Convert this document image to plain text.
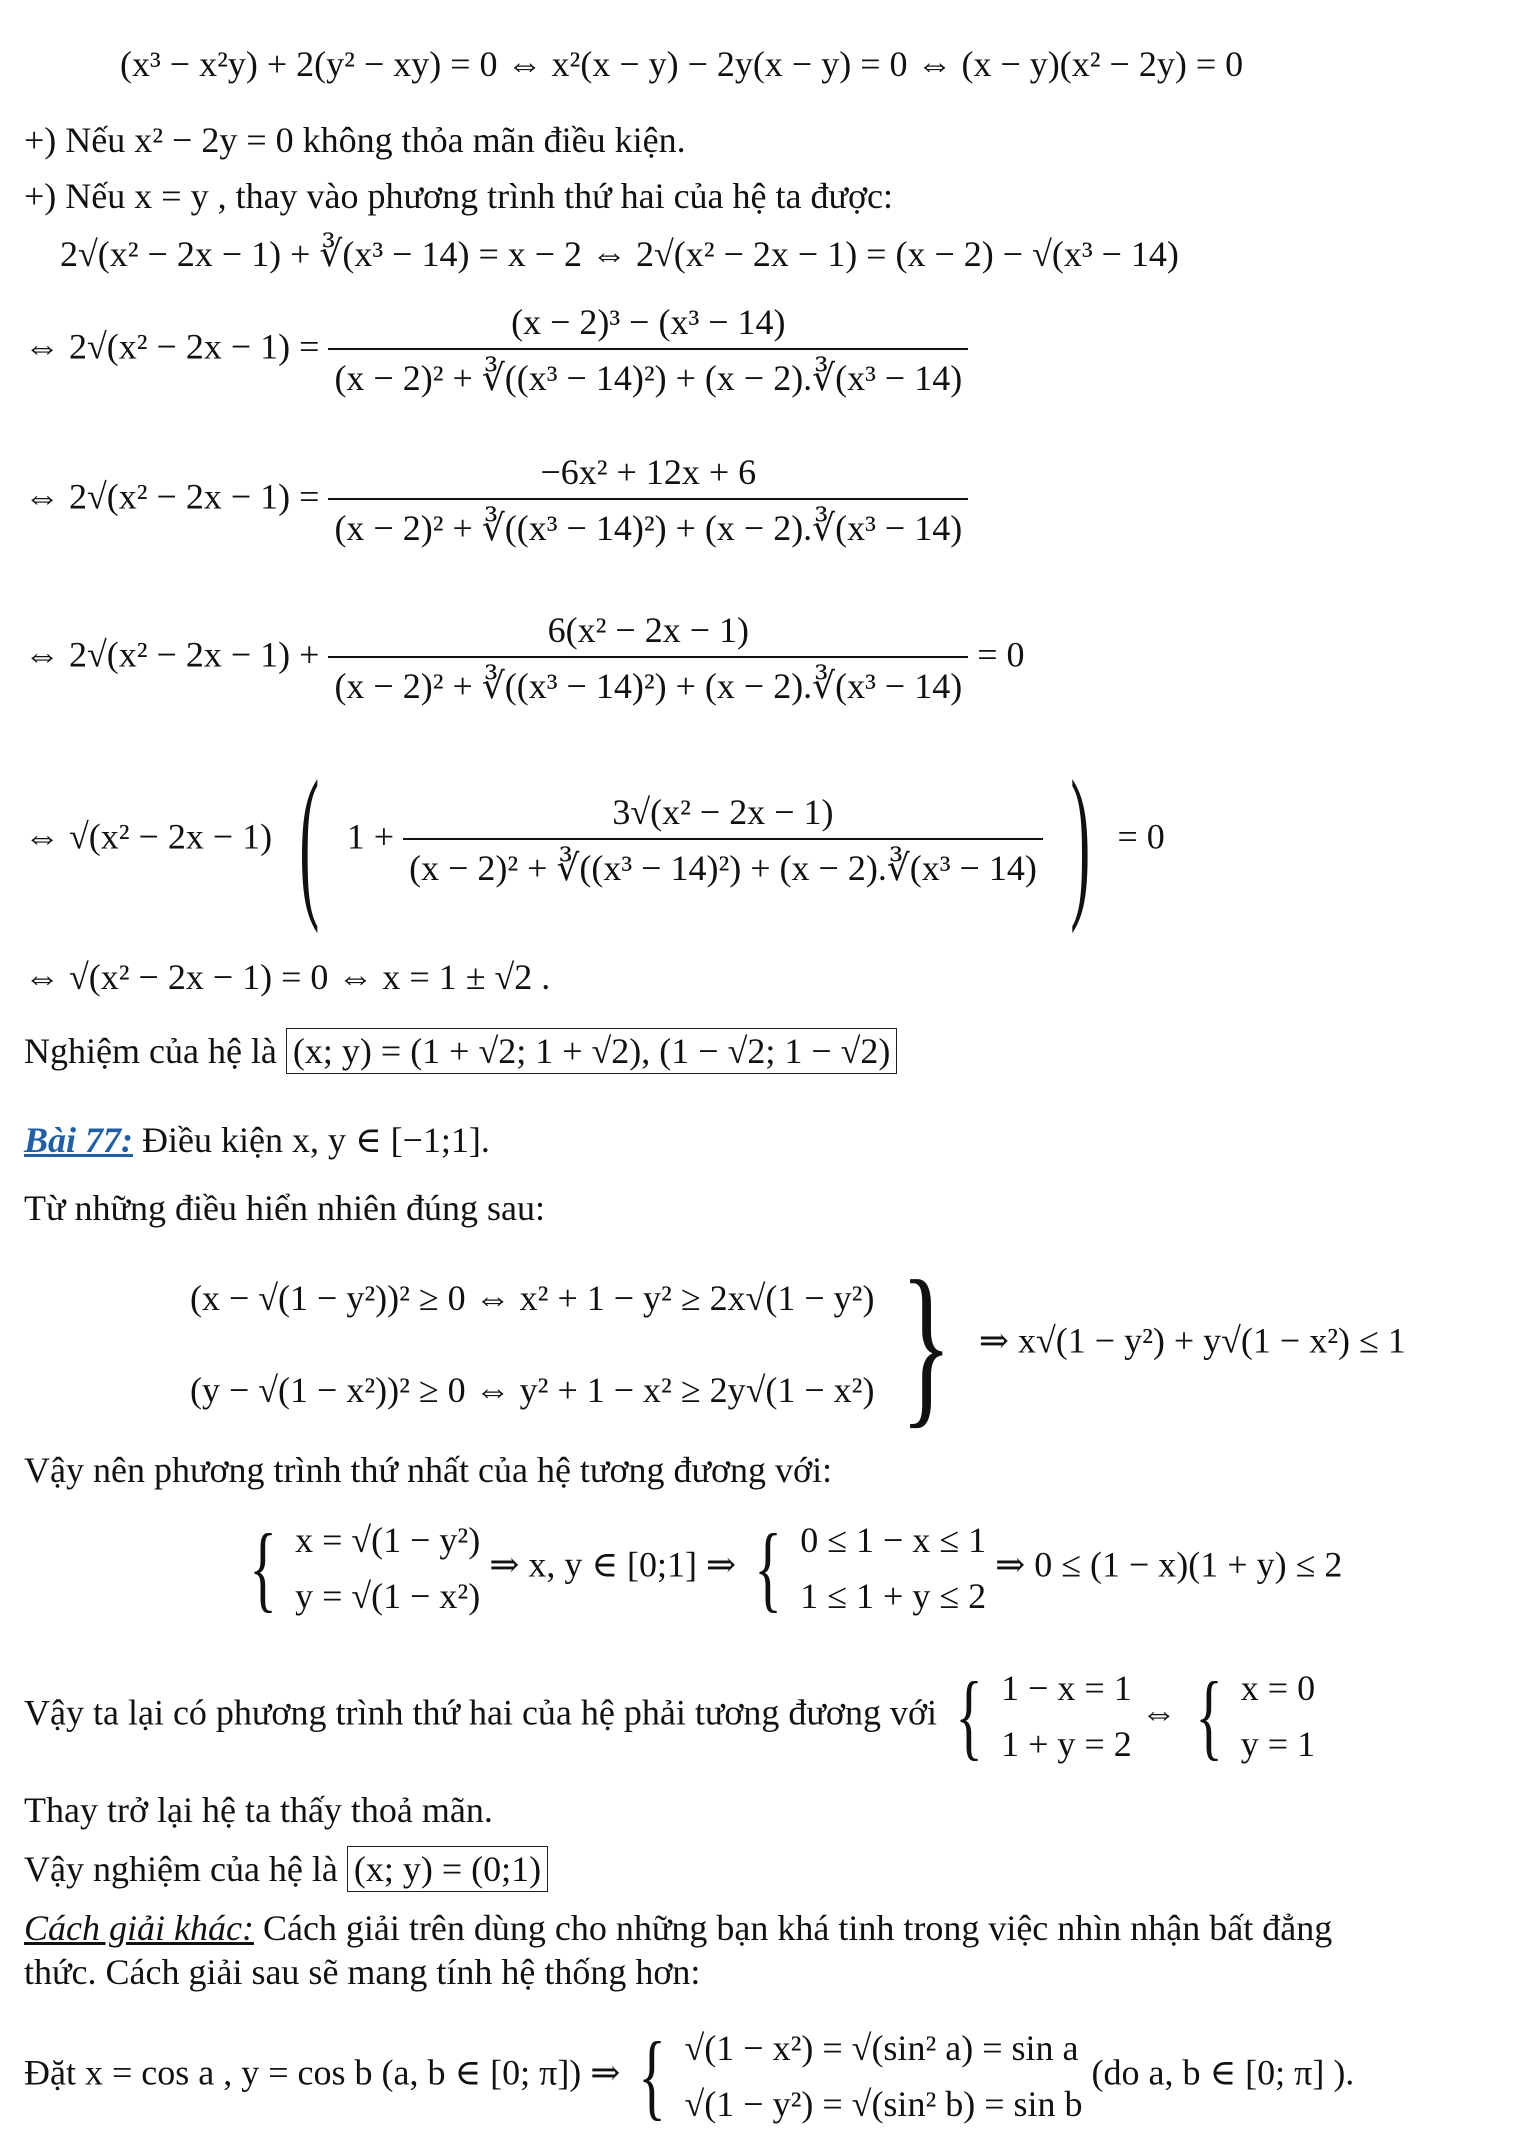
(x³ − x²y) + 2(y² − xy) = 0 ⇔ x²(x − y) − 2y(x − y) = 0 ⇔ (x − y)(x² − 2y) = 0
+) Nếu x² − 2y = 0 không thỏa mãn điều kiện.
+) Nếu x = y , thay vào phương trình thứ hai của hệ ta được:
2√(x² − 2x − 1) + ∛(x³ − 14) = x − 2 ⇔ 2√(x² − 2x − 1) = (x − 2) − √(x³ − 14)
⇔ $2√(x^2 - 2x - 1) = \frac{\text{(x − 2)³ − (x³ − 14)}}{\text{(x − 2)² + ∛((x³ − 14)²) + (x − 2).∛(x³ − 14)}}$
⇔ $2√(x^2 - 2x - 1) = \frac{\text{−6x² + 12x + 6}}{\text{(x − 2)² + ∛((x³ − 14)²) + (x − 2).∛(x³ − 14)}}$
⇔ $2√(x^2 - 2x - 1) + \frac{\text{6(x² − 2x − 1)}}{\text{(x − 2)² + ∛((x³ − 14)²) + (x − 2).∛(x³ − 14)}} = 0$
⇔ √(x² − 2x − 1) ( $1 + \frac{\text{3√(x² − 2x − 1)}}{\text{(x − 2)² + ∛((x³ − 14)²) + (x − 2).∛(x³ − 14)}}$ ) = 0
⇔ √(x² − 2x − 1) = 0 ⇔ x = 1 ± √2 .
Nghiệm của hệ là (x; y) = (1 + √2; 1 + √2), (1 − √2; 1 − √2)
Bài 77: Điều kiện x, y ∈ [−1;1].
Từ những điều hiển nhiên đúng sau:
(x − √(1 − y²))² ≥ 0 ⇔ x² + 1 − y² ≥ 2x√(1 − y²)
(y − √(1 − x²))² ≥ 0 ⇔ y² + 1 − x² ≥ 2y√(1 − x²) } ⇒ x√(1 − y²) + y√(1 − x²) ≤ 1
Vậy nên phương trình thứ nhất của hệ tương đương với:
{ x = √(1 − y²)
y = √(1 − x²)
⇒ x, y ∈ [0;1] ⇒ { 0 ≤ 1 − x ≤ 1
1 ≤ 1 + y ≤ 2
⇒ 0 ≤ (1 − x)(1 + y) ≤ 2
Vậy ta lại có phương trình thứ hai của hệ phải tương đương với { 1 − x = 1
1 + y = 2
⇔ { x = 0
y = 1
Thay trở lại hệ ta thấy thoả mãn.
Vậy nghiệm của hệ là (x; y) = (0;1)
Cách giải khác: Cách giải trên dùng cho những bạn khá tinh trong việc nhìn nhận bất đẳng
thức. Cách giải sau sẽ mang tính hệ thống hơn:
Đặt x = cos a , y = cos b (a, b ∈ [0; π]) ⇒ { √(1 − x²) = √(sin² a) = sin a
√(1 − y²) = √(sin² b) = sin b
(do a, b ∈ [0; π] ).
